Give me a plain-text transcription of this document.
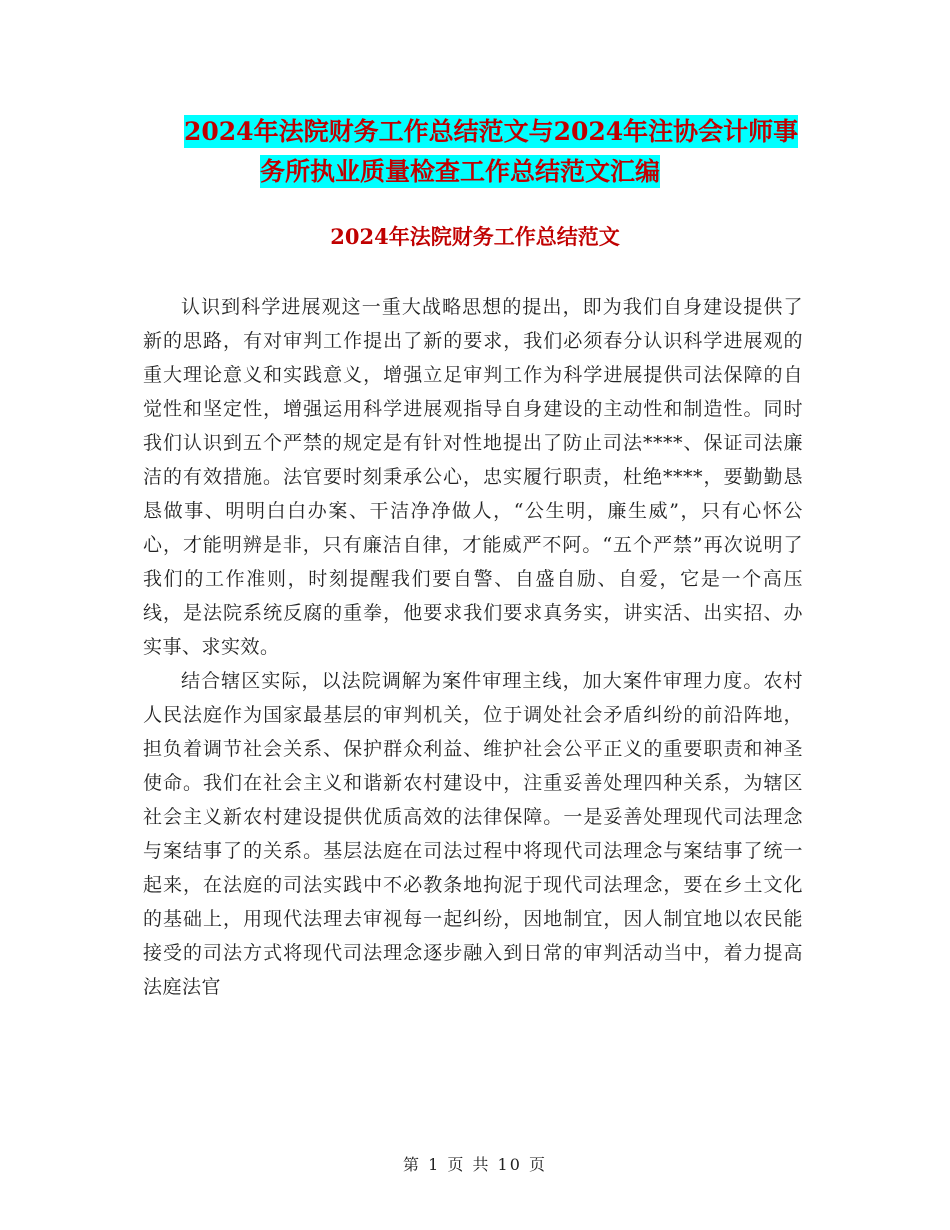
2024年法院财务工作总结范文与2024年注协会计师事
务所执业质量检查工作总结范文汇编
2024年法院财务工作总结范文

认识到科学进展观这一重大战略思想的提出，即为我们自身建设提供了新的思路，有对审判工作提出了新的要求，我们必须春分认识科学进展观的重大理论意义和实践意义，增强立足审判工作为科学进展提供司法保障的自觉性和坚定性，增强运用科学进展观指导自身建设的主动性和制造性。同时我们认识到五个严禁的规定是有针对性地提出了防止司法****、保证司法廉洁的有效措施。法官要时刻秉承公心，忠实履行职责，杜绝****，要勤勤恳恳做事、明明白白办案、干洁净净做人，“公生明，廉生威”，只有心怀公心，才能明辨是非，只有廉洁自律，才能威严不阿。“五个严禁”再次说明了我们的工作准则，时刻提醒我们要自警、自盛自励、自爱，它是一个高压线，是法院系统反腐的重拳，他要求我们要求真务实，讲实活、出实招、办实事、求实效。

结合辖区实际，以法院调解为案件审理主线，加大案件审理力度。农村人民法庭作为国家最基层的审判机关，位于调处社会矛盾纠纷的前沿阵地，担负着调节社会关系、保护群众利益、维护社会公平正义的重要职责和神圣使命。我们在社会主义和谐新农村建设中，注重妥善处理四种关系，为辖区社会主义新农村建设提供优质高效的法律保障。一是妥善处理现代司法理念与案结事了的关系。基层法庭在司法过程中将现代司法理念与案结事了统一起来，在法庭的司法实践中不必教条地拘泥于现代司法理念，要在乡土文化的基础上，用现代法理去审视每一起纠纷，因地制宜，因人制宜地以农民能接受的司法方式将现代司法理念逐步融入到日常的审判活动当中，着力提高法庭法官

第 1 页 共 10 页
